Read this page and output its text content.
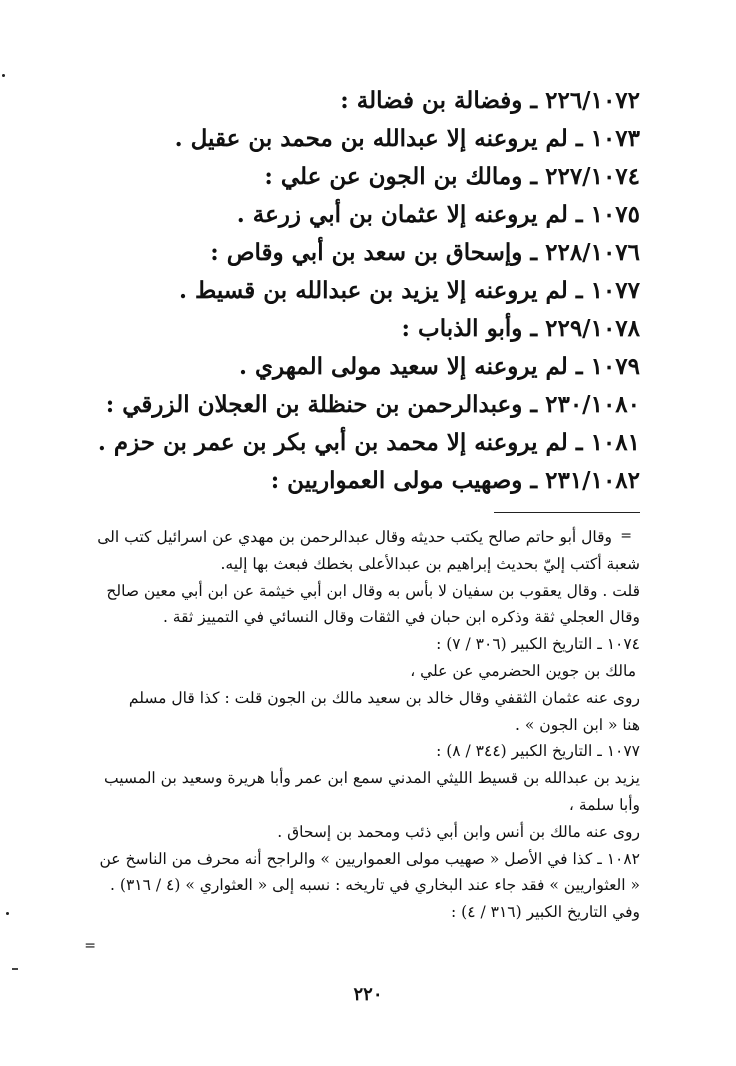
٢٢٦/١٠٧٢ ـ وفضالة بن فضالة :
١٠٧٣ ـ لم يروعنه إلا عبدالله بن محمد بن عقيل .
٢٢٧/١٠٧٤ ـ ومالك بن الجون عن علي :
١٠٧٥ ـ لم يروعنه إلا عثمان بن أبي زرعة .
٢٢٨/١٠٧٦ ـ وإسحاق بن سعد بن أبي وقاص :
١٠٧٧ ـ لم يروعنه إلا يزيد بن عبدالله بن قسيط .
٢٢٩/١٠٧٨ ـ وأبو الذباب :
١٠٧٩ ـ لم يروعنه إلا سعيد مولى المهري .
٢٣٠/١٠٨٠ ـ وعبدالرحمن بن حنظلة بن العجلان الزرقي :
١٠٨١ ـ لم يروعنه إلا محمد بن أبي بكر بن عمر بن حزم .
٢٣١/١٠٨٢ ـ وصهيب مولى العمواريين :
=
وقال أبو حاتم صالح يكتب حديثه وقال عبدالرحمن بن مهدي عن اسرائيل كتب الى
شعبة أكتب إليّ بحديث إبراهيم بن عبدالأعلى بخطك فبعث بها إليه.
قلت . وقال يعقوب بن سفيان لا بأس به وقال ابن أبي خيثمة عن ابن أبي معين صالح
وقال العجلي ثقة وذكره ابن حبان في الثقات وقال النسائي في التمييز ثقة .
١٠٧٤ ـ التاريخ الكبير (٣٠٦ / ٧) :
مالك بن جوين الحضرمي عن علي ،
روى عنه عثمان الثقفي وقال خالد بن سعيد مالك بن الجون قلت : كذا قال مسلم
هنا « ابن الجون » .
١٠٧٧ ـ التاريخ الكبير (٣٤٤ / ٨) :
يزيد بن عبدالله بن قسيط الليثي المدني سمع ابن عمر وأبا هريرة وسعيد بن المسيب
وأبا سلمة ،
روى عنه مالك بن أنس وابن أبي ذئب ومحمد بن إسحاق .
١٠٨٢ ـ كذا في الأصل « صهيب مولى العمواريين » والراجح أنه محرف من الناسخ عن
« العثواريين » فقد جاء عند البخاري في تاريخه : نسبه إلى « العثواري » (٤ / ٣١٦) .
وفي التاريخ الكبير (٣١٦ / ٤) :
=
٢٢٠
